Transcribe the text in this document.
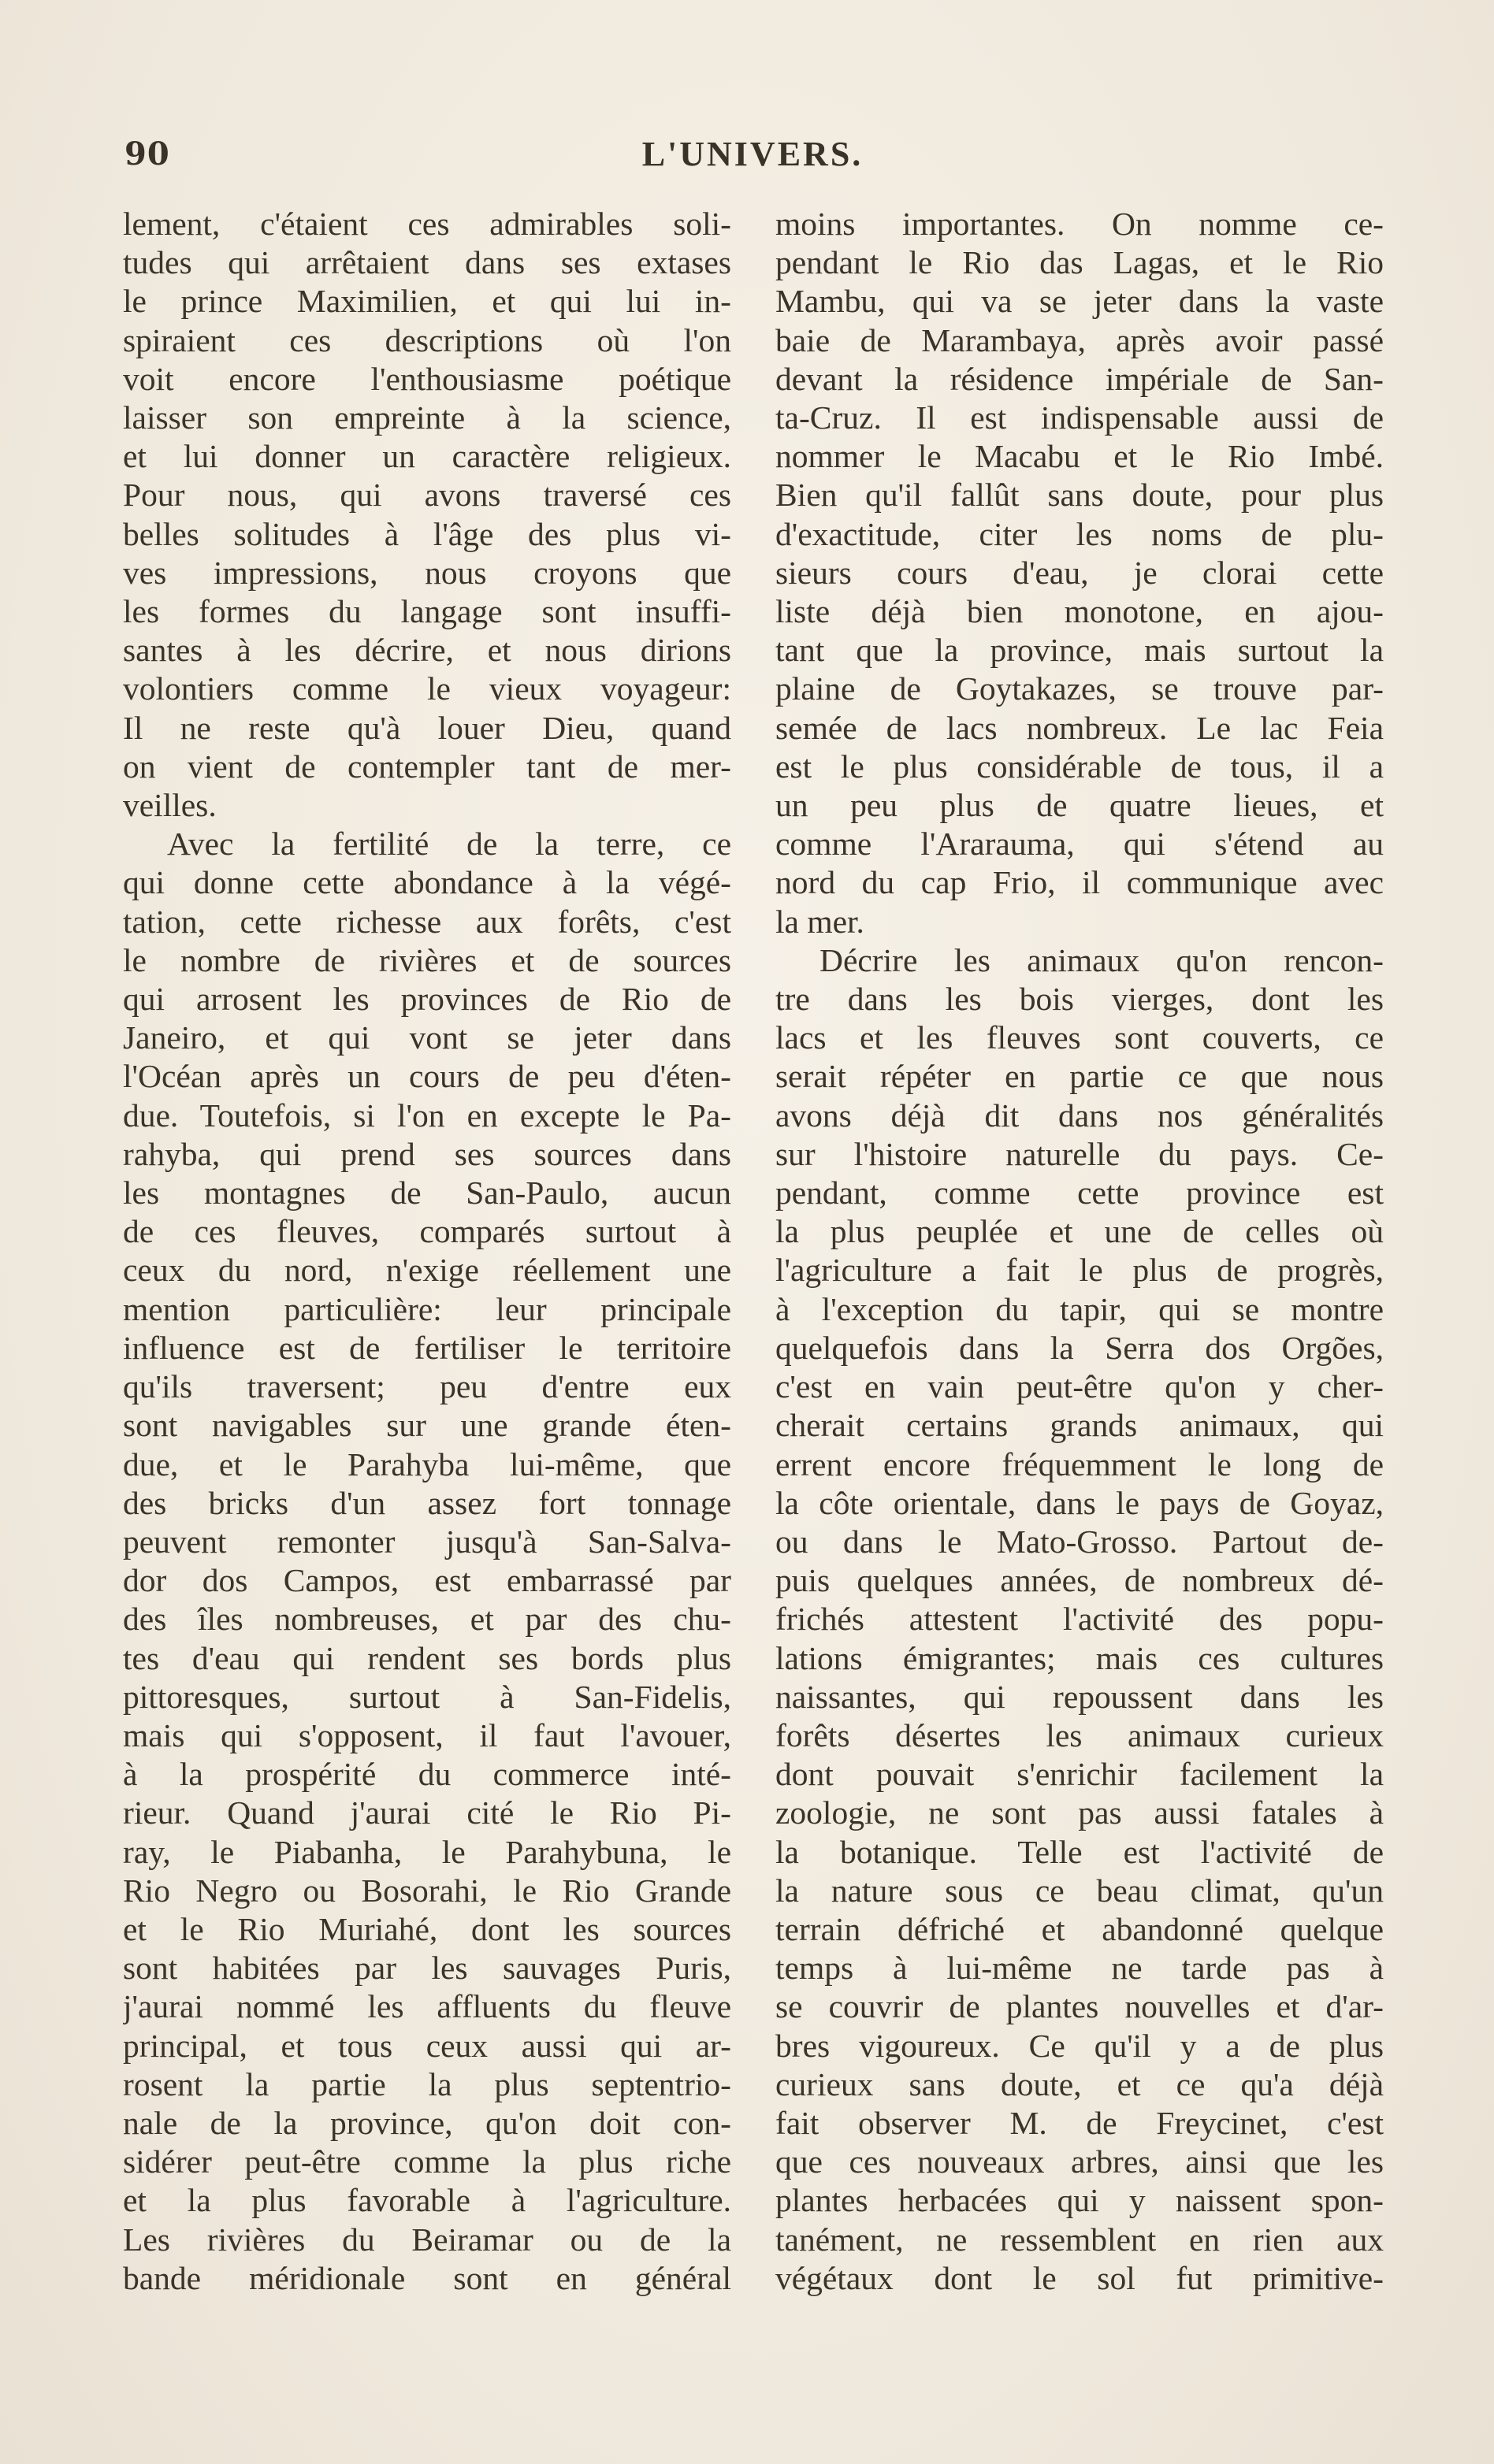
90	L'UNIVERS.
lement, c'étaient ces admirables soli-
tudes qui arrêtaient dans ses extases
le prince Maximilien, et qui lui in-
spiraient ces descriptions où l'on
voit encore l'enthousiasme poétique
laisser son empreinte à la science,
et lui donner un caractère religieux.
Pour nous, qui avons traversé ces
belles solitudes à l'âge des plus vi-
ves impressions, nous croyons que
les formes du langage sont insuffi-
santes à les décrire, et nous dirions
volontiers comme le vieux voyageur:
Il ne reste qu'à louer Dieu, quand
on vient de contempler tant de mer-
veilles.
Avec la fertilité de la terre, ce
qui donne cette abondance à la végé-
tation, cette richesse aux forêts, c'est
le nombre de rivières et de sources
qui arrosent les provinces de Rio de
Janeiro, et qui vont se jeter dans
l'Océan après un cours de peu d'éten-
due. Toutefois, si l'on en excepte le Pa-
rahyba, qui prend ses sources dans
les montagnes de San-Paulo, aucun
de ces fleuves, comparés surtout à
ceux du nord, n'exige réellement une
mention particulière: leur principale
influence est de fertiliser le territoire
qu'ils traversent; peu d'entre eux
sont navigables sur une grande éten-
due, et le Parahyba lui-même, que
des bricks d'un assez fort tonnage
peuvent remonter jusqu'à San-Salva-
dor dos Campos, est embarrassé par
des îles nombreuses, et par des chu-
tes d'eau qui rendent ses bords plus
pittoresques, surtout à San-Fidelis,
mais qui s'opposent, il faut l'avouer,
à la prospérité du commerce inté-
rieur. Quand j'aurai cité le Rio Pi-
ray, le Piabanha, le Parahybuna, le
Rio Negro ou Bosorahi, le Rio Grande
et le Rio Muriahé, dont les sources
sont habitées par les sauvages Puris,
j'aurai nommé les affluents du fleuve
principal, et tous ceux aussi qui ar-
rosent la partie la plus septentrio-
nale de la province, qu'on doit con-
sidérer peut-être comme la plus riche
et la plus favorable à l'agriculture.
Les rivières du Beiramar ou de la
bande méridionale sont en général
moins importantes. On nomme ce-
pendant le Rio das Lagas, et le Rio
Mambu, qui va se jeter dans la vaste
baie de Marambaya, après avoir passé
devant la résidence impériale de San-
ta-Cruz. Il est indispensable aussi de
nommer le Macabu et le Rio Imbé.
Bien qu'il fallût sans doute, pour plus
d'exactitude, citer les noms de plu-
sieurs cours d'eau, je clorai cette
liste déjà bien monotone, en ajou-
tant que la province, mais surtout la
plaine de Goytakazes, se trouve par-
semée de lacs nombreux. Le lac Feia
est le plus considérable de tous, il a
un peu plus de quatre lieues, et
comme l'Ararauma, qui s'étend au
nord du cap Frio, il communique avec
la mer.
Décrire les animaux qu'on rencon-
tre dans les bois vierges, dont les
lacs et les fleuves sont couverts, ce
serait répéter en partie ce que nous
avons déjà dit dans nos généralités
sur l'histoire naturelle du pays. Ce-
pendant, comme cette province est
la plus peuplée et une de celles où
l'agriculture a fait le plus de progrès,
à l'exception du tapir, qui se montre
quelquefois dans la Serra dos Orgões,
c'est en vain peut-être qu'on y cher-
cherait certains grands animaux, qui
errent encore fréquemment le long de
la côte orientale, dans le pays de Goyaz,
ou dans le Mato-Grosso. Partout de-
puis quelques années, de nombreux dé-
frichés attestent l'activité des popu-
lations émigrantes; mais ces cultures
naissantes, qui repoussent dans les
forêts désertes les animaux curieux
dont pouvait s'enrichir facilement la
zoologie, ne sont pas aussi fatales à
la botanique. Telle est l'activité de
la nature sous ce beau climat, qu'un
terrain défriché et abandonné quelque
temps à lui-même ne tarde pas à
se couvrir de plantes nouvelles et d'ar-
bres vigoureux. Ce qu'il y a de plus
curieux sans doute, et ce qu'a déjà
fait observer M. de Freycinet, c'est
que ces nouveaux arbres, ainsi que les
plantes herbacées qui y naissent spon-
tanément, ne ressemblent en rien aux
végétaux dont le sol fut primitive-
